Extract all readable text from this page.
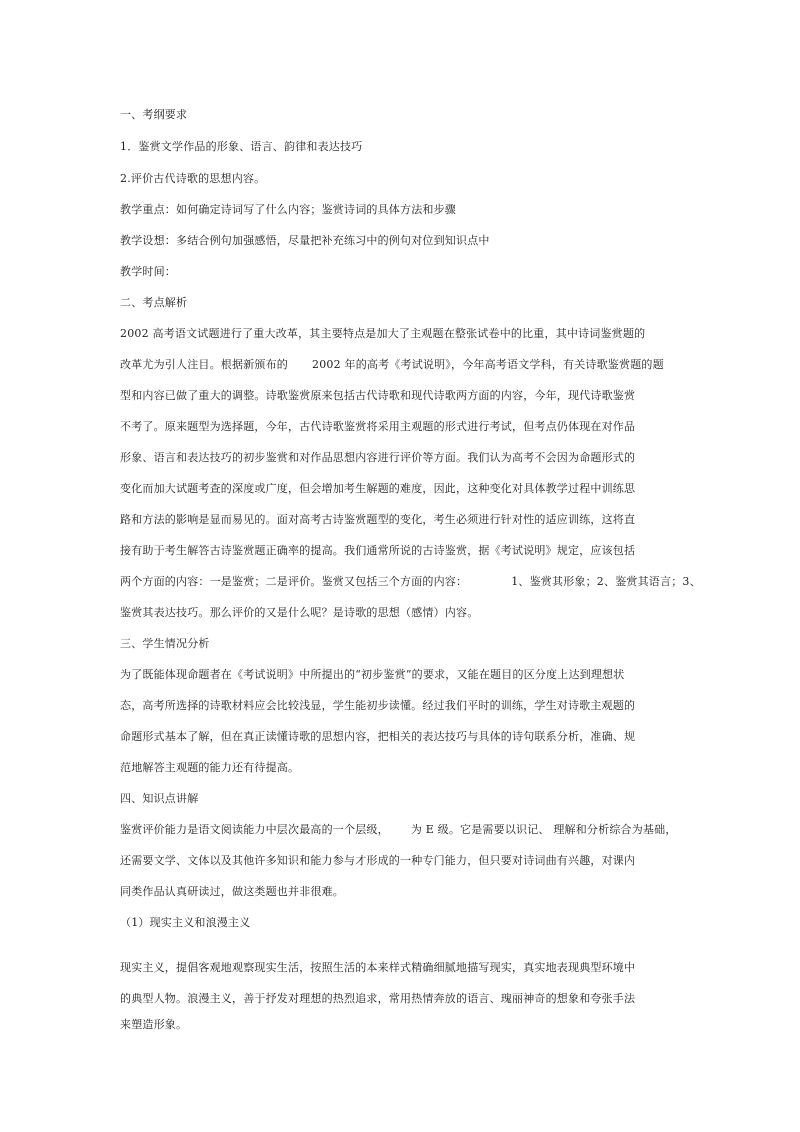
一、考纲要求
1．鉴赏文学作品的形象、语言、韵律和表达技巧
2.评价古代诗歌的思想内容。
教学重点：如何确定诗词写了什么内容；鉴赏诗词的具体方法和步骤
教学设想：多结合例句加强感悟，尽量把补充练习中的例句对位到知识点中
教学时间：
二、考点解析
2002 高考语文试题进行了重大改革，其主要特点是加大了主观题在整张试卷中的比重，其中诗词鉴赏题的
改革尤为引人注目。根据新颁布的 2002 年的高考《考试说明》，今年高考语文学科，有关诗歌鉴赏题的题
型和内容已做了重大的调整。诗歌鉴赏原来包括古代诗歌和现代诗歌两方面的内容，今年，现代诗歌鉴赏
不考了。原来题型为选择题，今年，古代诗歌鉴赏将采用主观题的形式进行考试，但考点仍体现在对作品
形象、语言和表达技巧的初步鉴赏和对作品思想内容进行评价等方面。我们认为高考不会因为命题形式的
变化而加大试题考查的深度或广度，但会增加考生解题的难度，因此，这种变化对具体教学过程中训练思
路和方法的影响是显而易见的。面对高考古诗鉴赏题型的变化，考生必须进行针对性的适应训练，这将直
接有助于考生解答古诗鉴赏题正确率的提高。我们通常所说的古诗鉴赏，据《考试说明》规定，应该包括
两个方面的内容：一是鉴赏；二是评价。鉴赏又包括三个方面的内容：	1、鉴赏其形象；2、鉴赏其语言；3、
鉴赏其表达技巧。那么评价的又是什么呢？是诗歌的思想（感情）内容。
三、学生情况分析
为了既能体现命题者在《考试说明》中所提出的“初步鉴赏”的要求，又能在题目的区分度上达到理想状
态，高考所选择的诗歌材料应会比较浅显，学生能初步读懂。经过我们平时的训练，学生对诗歌主观题的
命题形式基本了解，但在真正读懂诗歌的思想内容，把相关的表达技巧与具体的诗句联系分析，准确、规
范地解答主观题的能力还有待提高。
四、知识点讲解
鉴赏评价能力是语文阅读能力中层次最高的一个层级， 为 E 级。它是需要以识记、 理解和分析综合为基础，
还需要文学、文体以及其他许多知识和能力参与才形成的一种专门能力，但只要对诗词曲有兴趣，对课内
同类作品认真研读过，做这类题也并非很难。
（1）现实主义和浪漫主义
现实主义，提倡客观地观察现实生活，按照生活的本来样式精确细腻地描写现实，真实地表现典型环境中
的典型人物。浪漫主义，善于抒发对理想的热烈追求，常用热情奔放的语言、瑰丽神奇的想象和夸张手法
来塑造形象。
